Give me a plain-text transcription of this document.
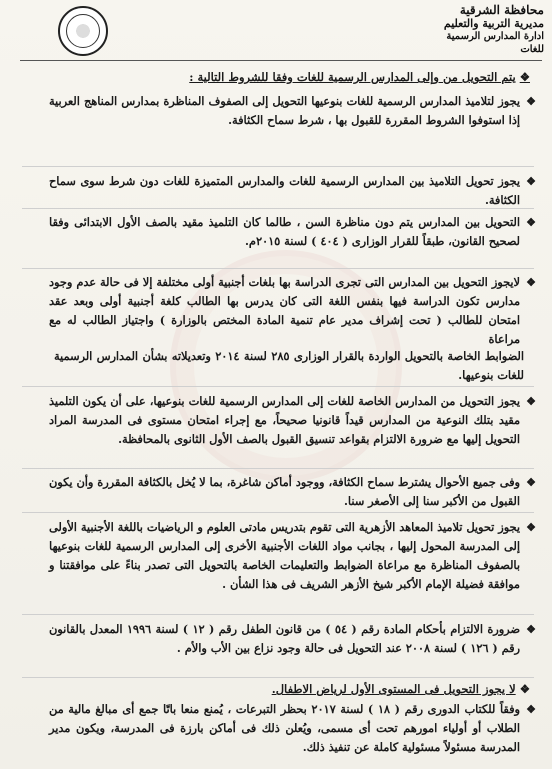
محافظة الشرقية
مديرية التربية والتعليم
ادارة المدارس الرسمية للغات
❖يتم التحويل من وإلى المدارس الرسمية للغات وفقا للشروط التالية :
❖
يجوز لتلاميذ المدارس الرسمية للغات بنوعيها التحويل إلى الصفوف المناظرة بمدارس المناهج العربية إذا استوفوا الشروط المقررة للقبول بها ، شرط سماح الكثافة.
❖
يجوز تحويل التلاميذ بين المدارس الرسمية للغات والمدارس المتميزة للغات دون شرط سوى سماح الكثافة.
❖
التحويل بين المدارس يتم دون مناظرة السن ، طالما كان التلميذ مقيد بالصف الأول الابتدائى وفقا لصحيح القانون، طبقاً للقرار الوزارى ( ٤٠٤ ) لسنة ٢٠١٥م.
❖
لايجوز التحويل بين المدارس التى تجرى الدراسة بها بلغات أجنبية أولى مختلفة إلا فى حالة عدم وجود مدارس تكون الدراسة فيها بنفس اللغة التى كان يدرس بها الطالب كلغة أجنبية أولى وبعد عقد امتحان للطالب ( تحت إشراف مدير عام تنمية المادة المختص بالوزارة ) واجتياز الطالب له مع مراعاة
الضوابط الخاصة بالتحويل الواردة بالقرار الوزارى ٢٨٥ لسنة ٢٠١٤ وتعديلاته بشأن المدارس الرسمية للغات بنوعيها.
❖
يجوز التحويل من المدارس الخاصة للغات إلى المدارس الرسمية للغات بنوعيها، على أن يكون التلميذ مقيد بتلك النوعية من المدارس قيداً قانونيا صحيحاً، مع إجراء امتحان مستوى فى المدرسة المراد التحويل إليها مع ضرورة الالتزام بقواعد تنسيق القبول بالصف الأول الثانوى بالمحافظة.
❖
وفى جميع الأحوال يشترط سماح الكثافة، ووجود أماكن شاغرة، بما لا يُخل بالكثافة المقررة وأن يكون القبول من الأكبر سنا إلى الأصغر سنا.
❖
يجوز تحويل تلاميذ المعاهد الأزهرية التى تقوم بتدريس مادتى العلوم و الرياضيات باللغة الأجنبية الأولى إلى المدرسة المحول إليها ، بجانب مواد اللغات الأجنبية الأخرى إلى المدارس الرسمية للغات بنوعيها بالصفوف المناظرة مع مراعاة الضوابط والتعليمات الخاصة بالتحويل التى تصدر بناءً على موافقتنا و موافقة فضيلة الإمام الأكبر شيخ الأزهر الشريف فى هذا الشأن .
❖
ضرورة الالتزام بأحكام المادة رقم ( ٥٤ ) من قانون الطفل رقم ( ١٢ ) لسنة ١٩٩٦ المعدل بالقانون رقم ( ١٢٦ ) لسنة ٢٠٠٨ عند التحويل فى حالة وجود نزاع بين الأب والأم .
❖ لا يجوز التحويل فى المستوى الأول لرياض الاطفال.
❖
وفقاً للكتاب الدورى رقم ( ١٨ ) لسنة ٢٠١٧ بحظر التبرعات ، يُمنع منعا باتًا جمع أى مبالغ مالية من الطلاب أو أولياء امورهم تحت أى مسمى، ويُعلن ذلك فى أماكن بارزة فى المدرسة، ويكون مدير المدرسة مسئولاً مسئولية كاملة عن تنفيذ ذلك.
